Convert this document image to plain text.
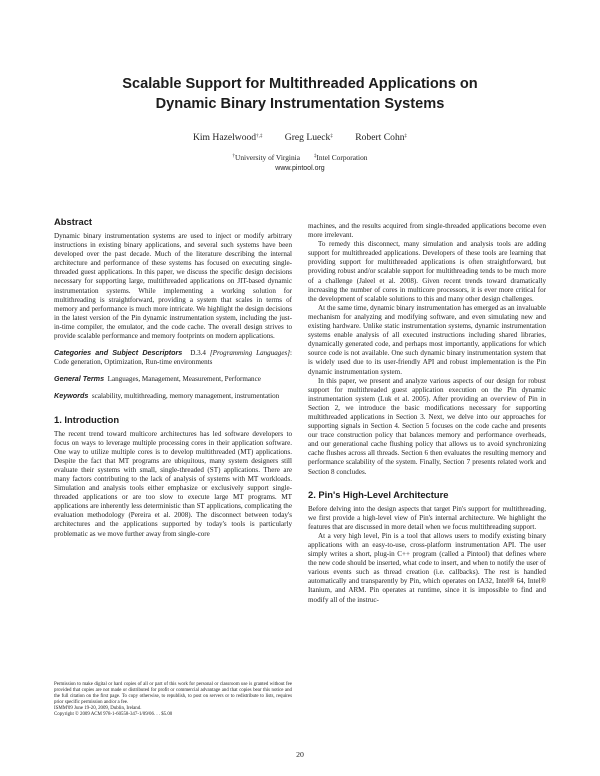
Scalable Support for Multithreaded Applications on
Dynamic Binary Instrumentation Systems
Kim Hazelwood†,‡ Greg Lueck‡ Robert Cohn‡
†University of Virginia	‡Intel Corporation
www.pintool.org
Abstract

Dynamic binary instrumentation systems are used to inject or modify arbitrary instructions in existing binary applications, and several such systems have been developed over the past decade. Much of the literature describing the internal architecture and performance of these systems has focused on executing single-threaded guest applications. In this paper, we discuss the specific design decisions necessary for supporting large, multithreaded applications on JIT-based dynamic instrumentation systems. While implementing a working solution for multithreading is straightforward, providing a system that scales in terms of memory and performance is much more intricate. We highlight the design decisions in the latest version of the Pin dynamic instrumentation system, including the just-in-time compiler, the emulator, and the code cache. The overall design strives to provide scalable performance and memory footprints on modern applications.

Categories and Subject Descriptors D.3.4 [Programming Languages]: Code generation, Optimization, Run-time environments

General Terms Languages, Management, Measurement, Performance

Keywords scalability, multithreading, memory management, instrumentation

1. Introduction

The recent trend toward multicore architectures has led software developers to focus on ways to leverage multiple processing cores in their application software. One way to utilize multiple cores is to develop multithreaded (MT) applications. Despite the fact that MT programs are ubiquitous, many system designers still evaluate their systems with small, single-threaded (ST) applications. There are many factors contributing to the lack of analysis of systems with MT workloads. Simulation and analysis tools either emphasize or exclusively support single-threaded applications or are too slow to execute large MT programs. MT applications are inherently less deterministic than ST applications, complicating the evaluation methodology (Pereira et al. 2008). The disconnect between today's architectures and the applications supported by today's tools is particularly problematic as we move further away from single-core

Permission to make digital or hard copies of all or part of this work for personal or classroom use is granted without fee provided that copies are not made or distributed for profit or commercial advantage and that copies bear this notice and the full citation on the first page. To copy otherwise, to republish, to post on servers or to redistribute to lists, requires prior specific permission and/or a fee.

ISMM'09 June 19-20, 2009, Dublin, Ireland.

Copyright © 2009 ACM 978-1-60558-347-1/09/06. . . $5.00

machines, and the results acquired from single-threaded applications become even more irrelevant.

To remedy this disconnect, many simulation and analysis tools are adding support for multithreaded applications. Developers of these tools are learning that providing support for multithreaded applications is often straightforward, but providing robust and/or scalable support for multithreading tends to be much more of a challenge (Jaleel et al. 2008). Given recent trends toward dramatically increasing the number of cores in multicore processors, it is ever more critical for the development of scalable solutions to this and many other design challenges.

At the same time, dynamic binary instrumentation has emerged as an invaluable mechanism for analyzing and modifying software, and even simulating new and existing hardware. Unlike static instrumentation systems, dynamic instrumentation systems enable analysis of all executed instructions including shared libraries, dynamically generated code, and perhaps most importantly, applications for which source code is not available. One such dynamic binary instrumentation system that is widely used due to its user-friendly API and robust implementation is the Pin dynamic instrumentation system.

In this paper, we present and analyze various aspects of our design for robust support for multithreaded guest application execution on the Pin dynamic instrumentation system (Luk et al. 2005). After providing an overview of Pin in Section 2, we introduce the basic modifications necessary for supporting multithreaded applications in Section 3. Next, we delve into our approaches for supporting signals in Section 4. Section 5 focuses on the code cache and presents our trace construction policy that balances memory and performance overheads, and our generational cache flushing policy that allows us to avoid synchronizing cache flushes across all threads. Section 6 then evaluates the resulting memory and performance scalability of the system. Finally, Section 7 presents related work and Section 8 concludes.

2. Pin's High-Level Architecture

Before delving into the design aspects that target Pin's support for multithreading, we first provide a high-level view of Pin's internal architecture. We highlight the features that are discussed in more detail when we focus multithreading support.

At a very high level, Pin is a tool that allows users to modify existing binary applications with an easy-to-use, cross-platform instrumentation API. The user simply writes a short, plug-in C++ program (called a Pintool) that defines where the new code should be inserted, what code to insert, and when to notify the user of various events such as thread creation (i.e. callbacks). The rest is handled automatically and transparently by Pin, which operates on IA32, Intel® 64, Intel® Itanium, and ARM. Pin operates at runtime, since it is impossible to find and modify all of the instruc-

20
